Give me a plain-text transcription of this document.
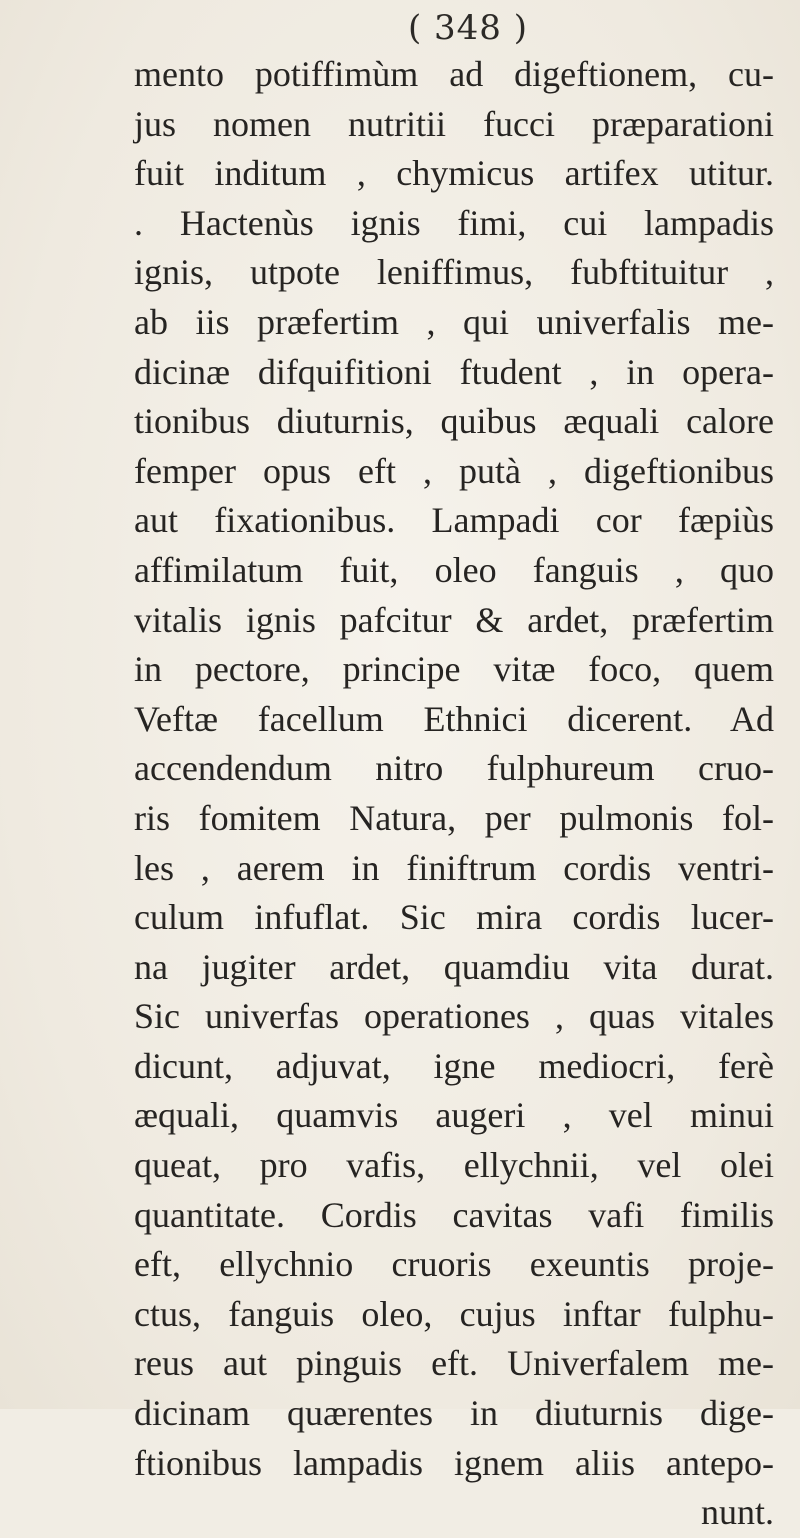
( 348 )
mento potiffimùm ad digeftionem, cu-
jus nomen nutritii fucci præparationi
fuit inditum , chymicus artifex utitur.
. Hactenùs ignis fimi, cui lampadis
ignis, utpote leniffimus, fubftituitur ,
ab iis præfertim , qui univerfalis me-
dicinæ difquifitioni ftudent , in opera-
tionibus diuturnis, quibus æquali calore
femper opus eft , putà , digeftionibus
aut fixationibus. Lampadi cor fæpiùs
affimilatum fuit, oleo fanguis , quo
vitalis ignis pafcitur & ardet, præfertim
in pectore, principe vitæ foco, quem
Veftæ facellum Ethnici dicerent. Ad
accendendum nitro fulphureum cruo-
ris fomitem Natura, per pulmonis fol-
les , aerem in finiftrum cordis ventri-
culum infuflat. Sic mira cordis lucer-
na jugiter ardet, quamdiu vita durat.
Sic univerfas operationes , quas vitales
dicunt, adjuvat, igne mediocri, ferè
æquali, quamvis augeri , vel minui
queat, pro vafis, ellychnii, vel olei
quantitate. Cordis cavitas vafi fimilis
eft, ellychnio cruoris exeuntis proje-
ctus, fanguis oleo, cujus inftar fulphu-
reus aut pinguis eft. Univerfalem me-
dicinam quærentes in diuturnis dige-
ftionibus lampadis ignem aliis antepo-
nunt.
